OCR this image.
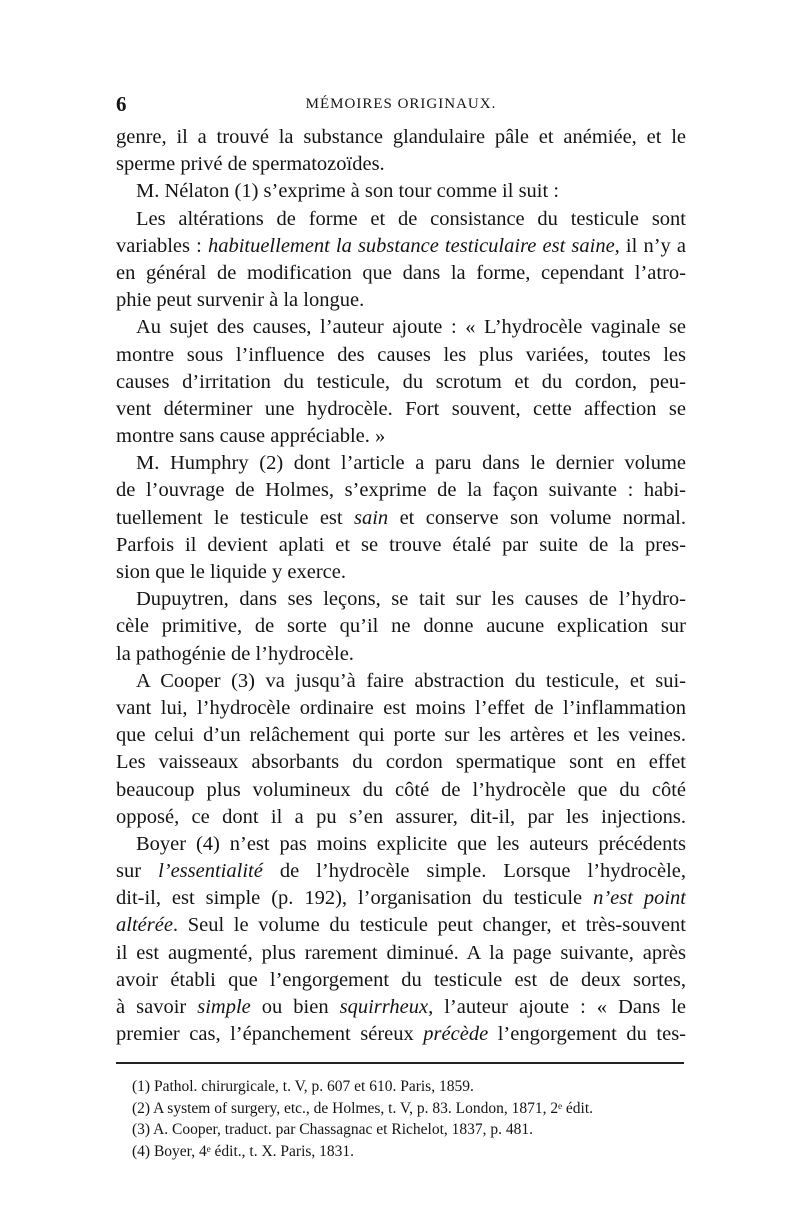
6	MÉMOIRES ORIGINAUX.
genre, il a trouvé la substance glandulaire pâle et anémiée, et le
sperme privé de spermatozoïdes.
M. Nélaton (1) s’exprime à son tour comme il suit :
Les altérations de forme et de consistance du testicule sont
variables : habituellement la substance testiculaire est saine, il n’y a
en général de modification que dans la forme, cependant l’atro-
phie peut survenir à la longue.
Au sujet des causes, l’auteur ajoute : « L’hydrocèle vaginale se
montre sous l’influence des causes les plus variées, toutes les
causes d’irritation du testicule, du scrotum et du cordon, peu-
vent déterminer une hydrocèle. Fort souvent, cette affection se
montre sans cause appréciable. »
M. Humphry (2) dont l’article a paru dans le dernier volume
de l’ouvrage de Holmes, s’exprime de la façon suivante : habi-
tuellement le testicule est sain et conserve son volume normal.
Parfois il devient aplati et se trouve étalé par suite de la pres-
sion que le liquide y exerce.
Dupuytren, dans ses leçons, se tait sur les causes de l’hydro-
cèle primitive, de sorte qu’il ne donne aucune explication sur
la pathogénie de l’hydrocèle.
A Cooper (3) va jusqu’à faire abstraction du testicule, et sui-
vant lui, l’hydrocèle ordinaire est moins l’effet de l’inflammation
que celui d’un relâchement qui porte sur les artères et les veines.
Les vaisseaux absorbants du cordon spermatique sont en effet
beaucoup plus volumineux du côté de l’hydrocèle que du côté
opposé, ce dont il a pu s’en assurer, dit-il, par les injections.
Boyer (4) n’est pas moins explicite que les auteurs précédents
sur l’essentialité de l’hydrocèle simple. Lorsque l’hydrocèle,
dit-il, est simple (p. 192), l’organisation du testicule n’est point
altérée. Seul le volume du testicule peut changer, et très-souvent
il est augmenté, plus rarement diminué. A la page suivante, après
avoir établi que l’engorgement du testicule est de deux sortes,
à savoir simple ou bien squirrheux, l’auteur ajoute : « Dans le
premier cas, l’épanchement séreux précède l’engorgement du tes-
(1) Pathol. chirurgicale, t. V, p. 607 et 610. Paris, 1859.
(2) A system of surgery, etc., de Holmes, t. V, p. 83. London, 1871, 2ᵉ édit.
(3) A. Cooper, traduct. par Chassagnac et Richelot, 1837, p. 481.
(4) Boyer, 4ᵉ édit., t. X. Paris, 1831.
